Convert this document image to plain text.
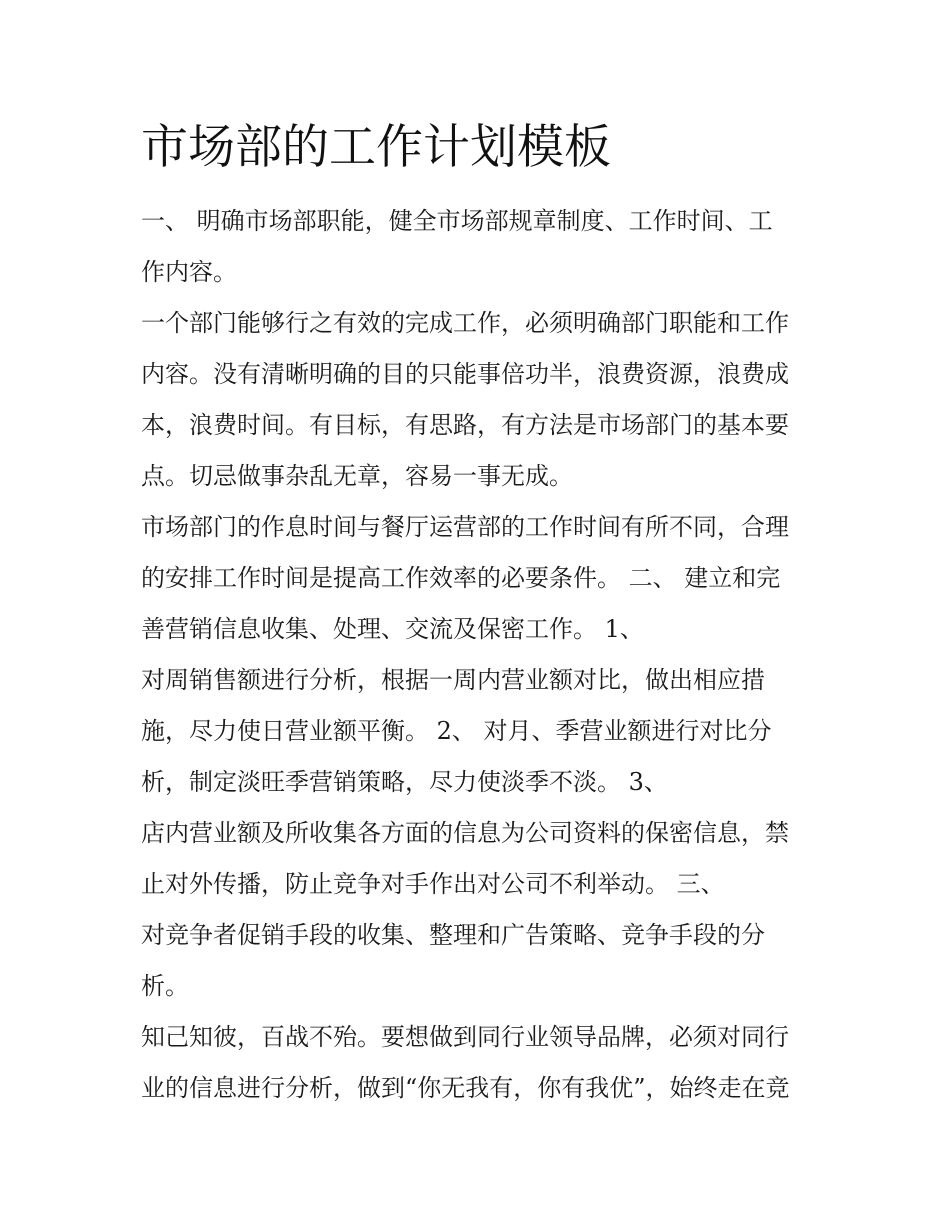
市场部的工作计划模板
一、 明确市场部职能，健全市场部规章制度、工作时间、工
作内容。
一个部门能够行之有效的完成工作，必须明确部门职能和工作
内容。没有清晰明确的目的只能事倍功半，浪费资源，浪费成
本，浪费时间。有目标，有思路，有方法是市场部门的基本要
点。切忌做事杂乱无章，容易一事无成。
市场部门的作息时间与餐厅运营部的工作时间有所不同，合理
的安排工作时间是提高工作效率的必要条件。 二、 建立和完
善营销信息收集、处理、交流及保密工作。 1、
对周销售额进行分析，根据一周内营业额对比，做出相应措
施，尽力使日营业额平衡。 2、 对月、季营业额进行对比分
析，制定淡旺季营销策略，尽力使淡季不淡。 3、
店内营业额及所收集各方面的信息为公司资料的保密信息，禁
止对外传播，防止竞争对手作出对公司不利举动。 三、
对竞争者促销手段的收集、整理和广告策略、竞争手段的分
析。
知己知彼，百战不殆。要想做到同行业领导品牌，必须对同行
业的信息进行分析，做到“你无我有，你有我优”，始终走在竞
